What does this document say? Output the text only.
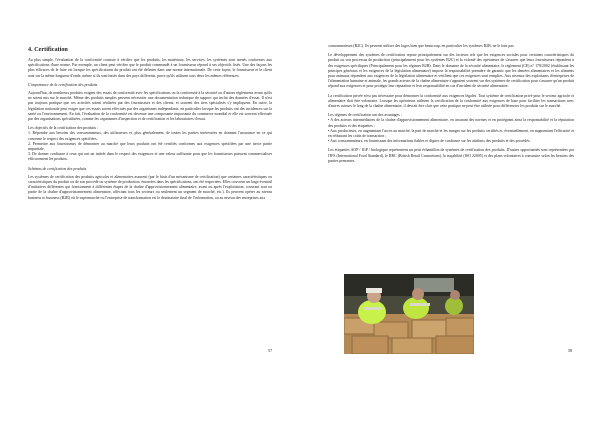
4. Certification

Au plus simple, l'évaluation de la conformité consiste à vérifier que les produits, les matériaux, les services, les systèmes sont menés conformes aux spécifications d'une norme. Par exemple, un client peut vérifier que le produit commandé à un fournisseur répond à ses objectifs fixés. Une des façons les plus efficaces de le faire est lorsque les spécifications du produit ont été définies dans une norme internationale. De cette façon, le fournisseur et le client sont sur la même longueur d'onde, même si ils sont basés dans des pays différents, parce qu'ils utilisent tous deux les mêmes références.

L'importance de la certification des produits

Aujourd'hui, de nombreux produits exigent des essais de conformité avec les spécifications ou la conformité à la sécurité ou d'autres règlements avant qu'ils ne soient mis sur le marché. Même des produits simples peuvent nécessiter une documentation technique de support qui inclut des données d'essai. Il n'est pas toujours pratique que ces activités soient réalisées par des fournisseurs et des clients, et souvent des tiers spécialisés s'y impliquent. En outre, la législation nationale peut exiger que ces essais soient effectués par des organismes indépendants, en particulier lorsque les produits ont des incidences sur la santé ou l'environnement. En fait, l'évaluation de la conformité est devenue une composante importante du commerce mondial et elle est souvent effectuée par des organisations spécialisées, comme les organismes d'inspection et de certification et les laboratoires d'essai.

Les objectifs de la certification des produits :
1. Répondre aux besoins des consommateurs, des utilisateurs et, plus généralement, de toutes les parties intéressées en donnant l'assurance en ce qui concerne le respect des exigences spécifiées.
2. Permettre aux fournisseurs de démontrer au marché que leurs produits ont été certifiés conformes aux exigences spécifiées par une tierce partie impartiale.
3. De donner confiance à ceux qui ont un intérêt dans le respect des exigences et une valeur suffisante pour que les fournisseurs puissent commercialiser efficacement les produits.

Schémas de certification des produits

Les systèmes de certification des produits agricoles et alimentaires assurent (par le biais d'un mécanisme de certification) que certaines caractéristiques ou caractéristiques du produit ou de son procédé ou système de production, énoncées dans les spécifications, ont été respectées. Elles couvrent un large éventail d'initiatives différentes qui fonctionnent à différentes étapes de la chaîne d'approvisionnement alimentaire, avant ou après l'exploitation, couvrant tout ou partie de la chaîne d'approvisionnement alimentaire, affectant tous les secteurs ou seulement un segment de marché, etc.). Ils peuvent opérer au niveau business to business (B2B) où le supermarché ou l'entreprise de transformation est le destinataire final de l'information, ou au niveau des entreprises aux

57

consommateurs (B2C). Ils peuvent utiliser des logos bien que beaucoup, en particulier les systèmes B2B, ne le font pas.

Le développement des systèmes de certification repose principalement sur des facteurs tels que les exigences sociales pour certaines caractéristiques du produit ou son processus de production (principalement pour les systèmes B2C) et la volonté des opérateurs de s'assurer que leurs fournisseurs répondent à des exigences spécifiques (Principalement pour les régimes B2B). Dans le domaine de la sécurité alimentaire, le règlement (CE) n° 178/2002 (établissant les principes généraux et les exigences de la législation alimentaire) impose la responsabilité première de garantir que les denrées alimentaires et les aliments pour animaux répondent aux exigences de la législation alimentaire et vérifient que ces exigences sont remplies. Aux niveaux des exploitants d'entreprises de l'alimentation humaine et animale, les grands acteurs de la chaîne alimentaire s'appuient souvent sur des systèmes de certification pour s'assurer qu'un produit répond aux exigences et pour protéger leur réputation et leur responsabilité en cas d'incident de sécurité alimentaire.

La certification privée n'est pas nécessaire pour démontrer la conformité aux exigences légales. Tout système de certification privé pour le secteur agricole et alimentaire doit être volontaire. Lorsque les opérateurs utilisent la certification de la conformité aux exigences de base pour faciliter les transactions avec d'autres acteurs le long de la chaîne alimentaire, il devrait être clair que cette pratique ne peut être utilisée pour différencier les produits sur le marché.

Les régimes de certification ont des avantages :
• A des acteurs intermédiaires de la chaîne d'approvisionnement alimentaire, en assurant des normes et en protégeant ainsi la responsabilité et la réputation des produits et des étiquettes ;
• Aux producteurs, en augmentant l'accès au marché, la part de marché et les marges sur les produits certifiés et, éventuellement, en augmentant l'efficacité et en réduisant les coûts de transaction ;
• Aux consommateurs, en fournissant des informations fiables et dignes de confiance sur les attributs des produits et des procédés.

Les étiquettes AOP / IGP / biologique représentent un petit échantillon de systèmes de certification des produits. D'autres opportunités sont représentées par l'IFS (International Food Standard), le BRC (British Retail Consortium), la traçabilité (ISO 22005) et des plans volontaires à construire selon les besoins des parties prenantes.

58
